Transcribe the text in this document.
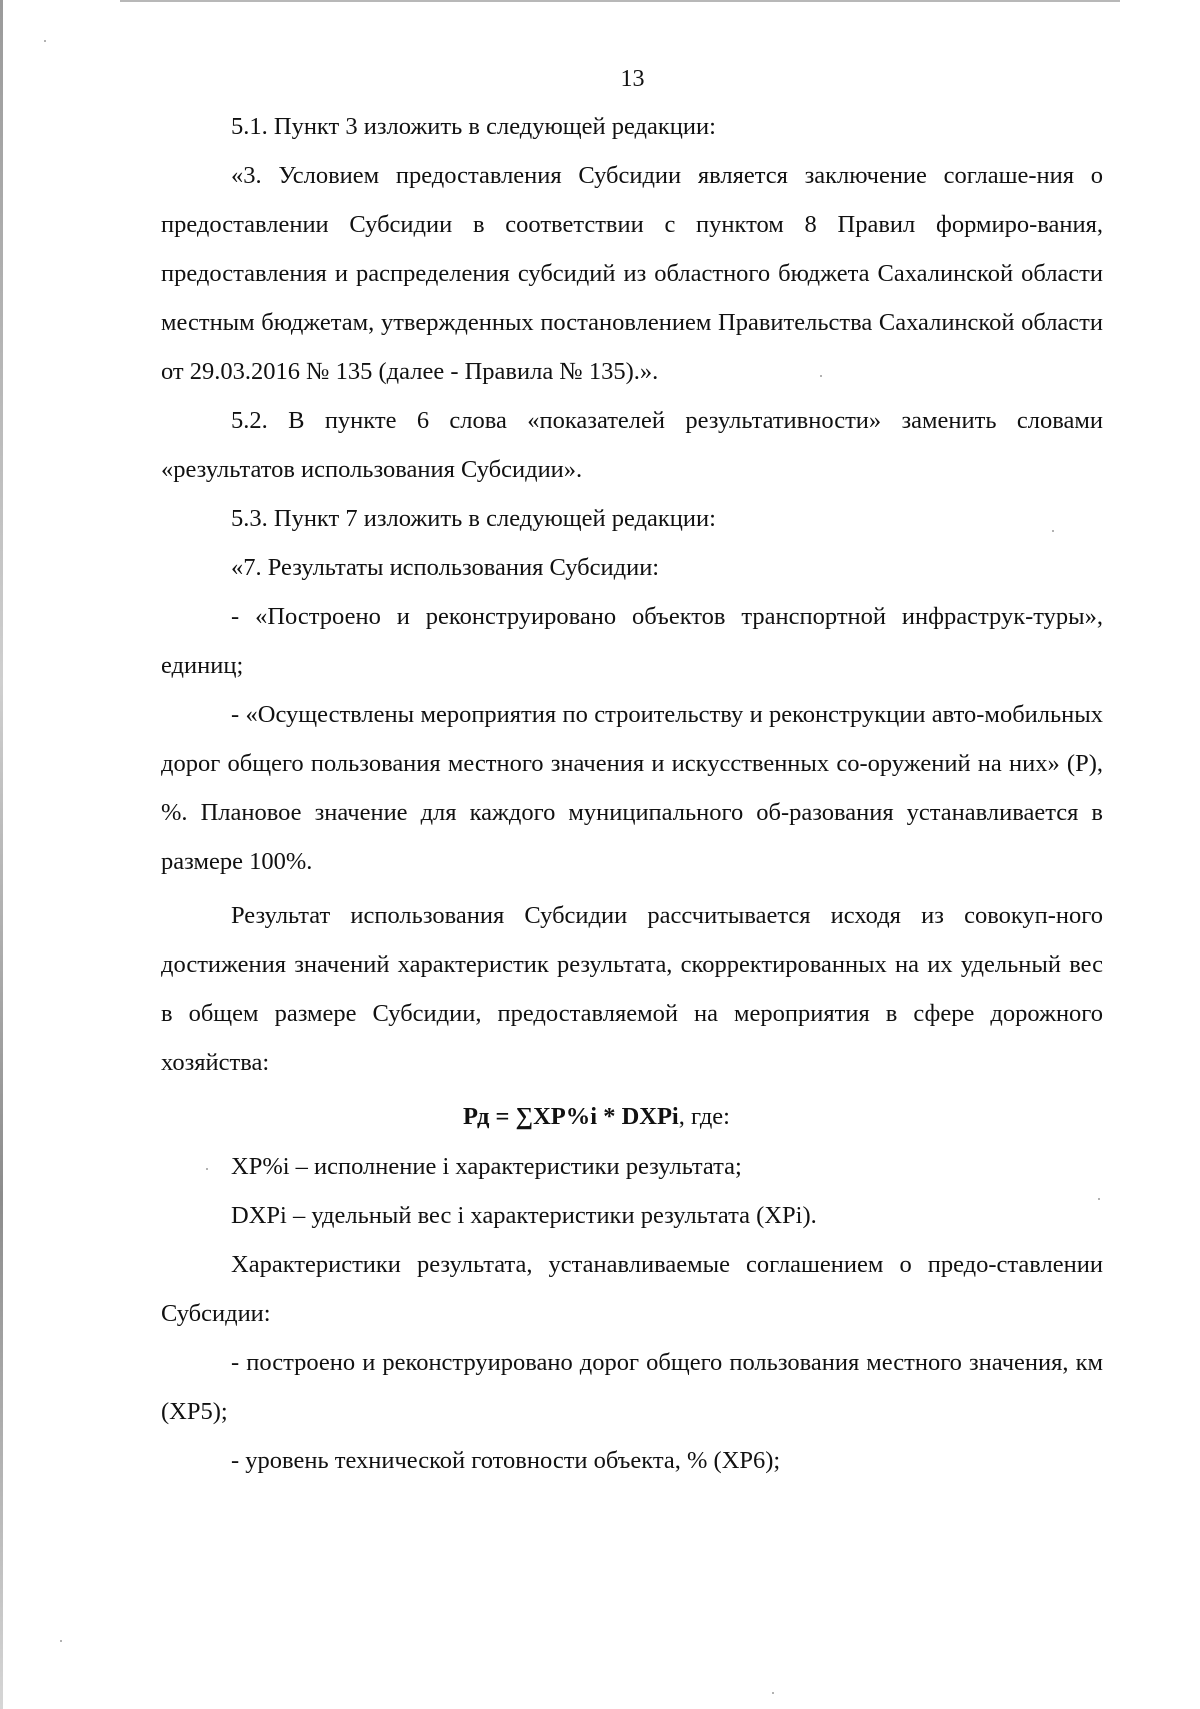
13

5.1. Пункт 3 изложить в следующей редакции:

«3. Условием предоставления Субсидии является заключение соглаше-ния о предоставлении Субсидии в соответствии с пунктом 8 Правил формиро-вания, предоставления и распределения субсидий из областного бюджета Сахалинской области местным бюджетам, утвержденных постановлением Правительства Сахалинской области от 29.03.2016 № 135 (далее - Правила № 135).».

5.2. В пункте 6 слова «показателей результативности» заменить словами «результатов использования Субсидии».

5.3. Пункт 7 изложить в следующей редакции:

«7. Результаты использования Субсидии:

- «Построено и реконструировано объектов транспортной инфраструк-туры», единиц;

- «Осуществлены мероприятия по строительству и реконструкции авто-мобильных дорог общего пользования местного значения и искусственных со-оружений на них» (Р), %. Плановое значение для каждого муниципального об-разования устанавливается в размере 100%.

Результат использования Субсидии рассчитывается исходя из совокуп-ного достижения значений характеристик результата, скорректированных на их удельный вес в общем размере Субсидии, предоставляемой на мероприятия в сфере дорожного хозяйства:

Рд = ∑ХР%i * DXPi, где:

ХР%i – исполнение i характеристики результата;

DXPi – удельный вес i характеристики результата (ХРi).

Характеристики результата, устанавливаемые соглашением о предо-ставлении Субсидии:

- построено и реконструировано дорог общего пользования местного значения, км (ХР5);

- уровень технической готовности объекта, % (ХР6);
